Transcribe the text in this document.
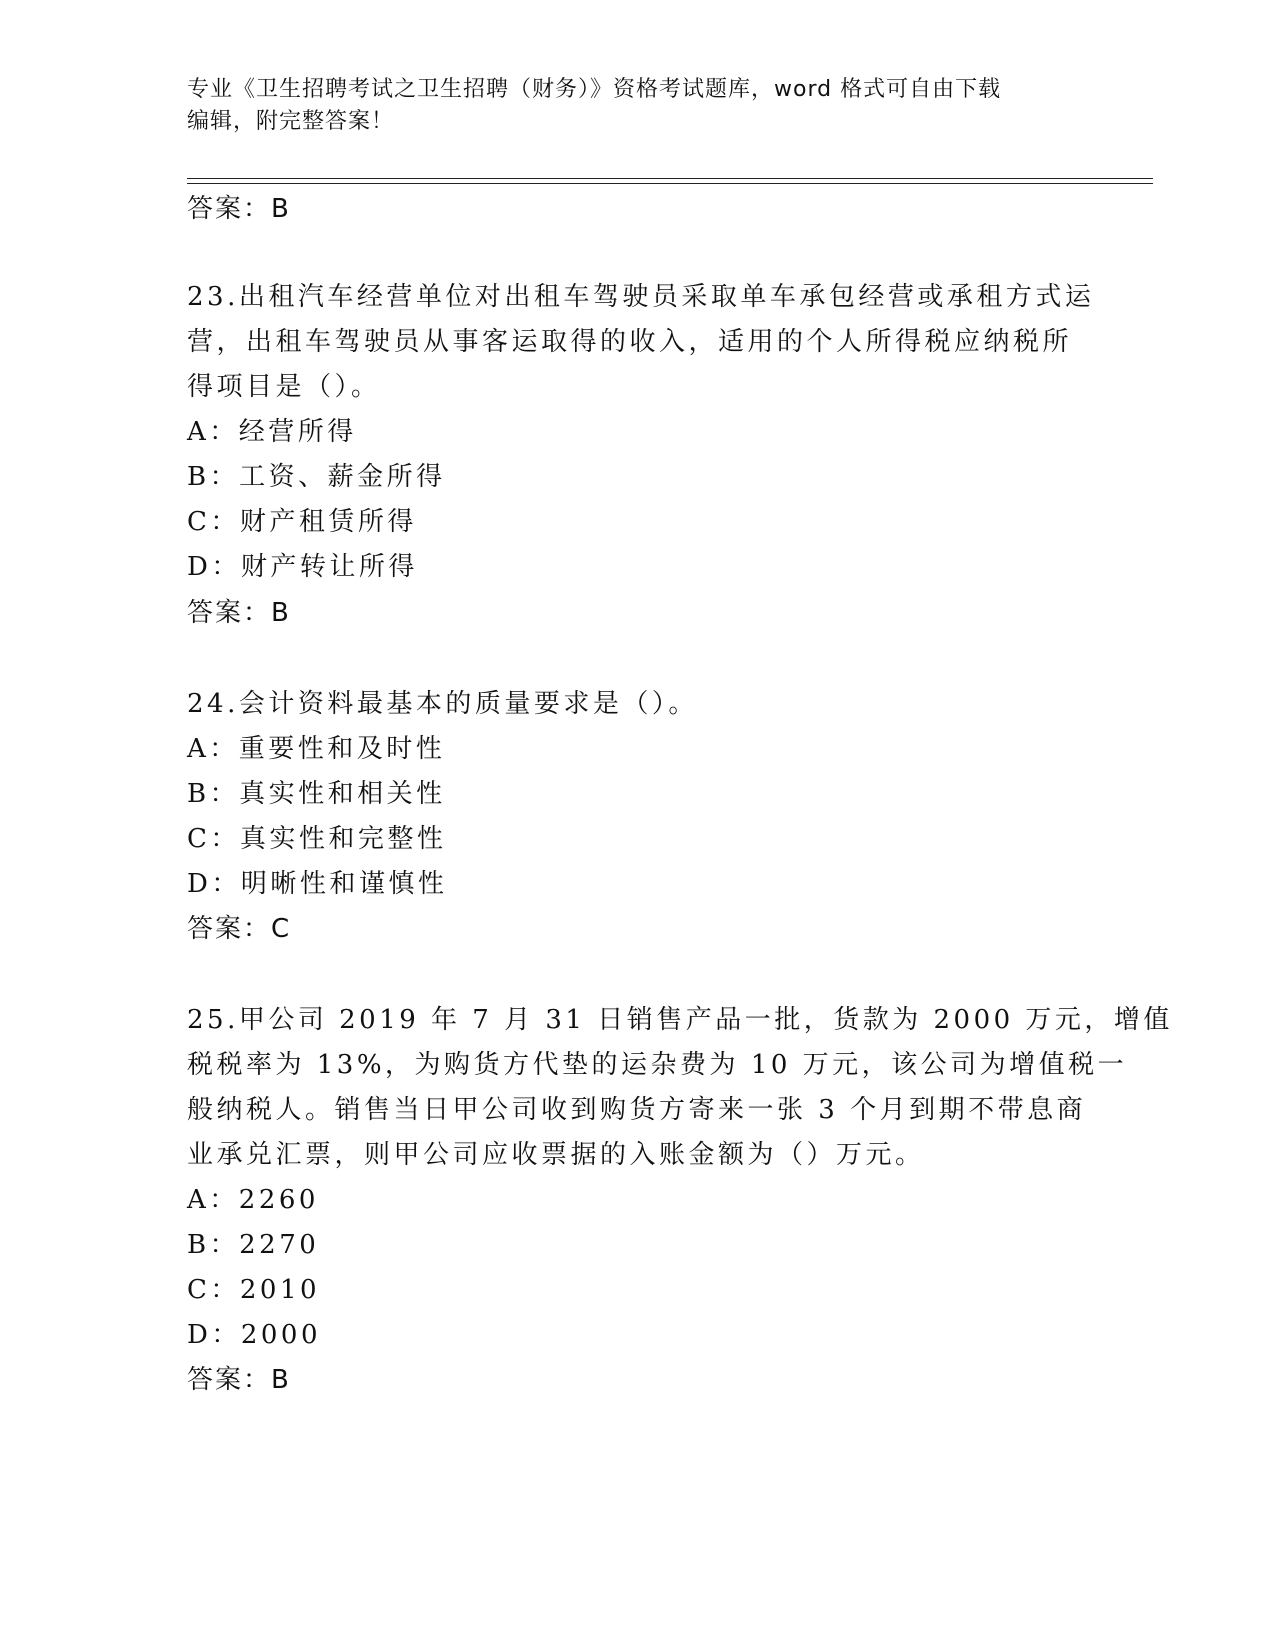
专业《卫生招聘考试之卫生招聘（财务）》资格考试题库，word 格式可自由下载
编辑，附完整答案！
答案：B
23.出租汽车经营单位对出租车驾驶员采取单车承包经营或承租方式运
营，出租车驾驶员从事客运取得的收入，适用的个人所得税应纳税所
得项目是（）。
A：经营所得
B：工资、薪金所得
C：财产租赁所得
D：财产转让所得
答案：B
24.会计资料最基本的质量要求是（）。
A：重要性和及时性
B：真实性和相关性
C：真实性和完整性
D：明晰性和谨慎性
答案：C
25.甲公司 2019 年 7 月 31 日销售产品一批，货款为 2000 万元，增值
税税率为 13%，为购货方代垫的运杂费为 10 万元，该公司为增值税一
般纳税人。销售当日甲公司收到购货方寄来一张 3 个月到期不带息商
业承兑汇票，则甲公司应收票据的入账金额为（）万元。
A：2260
B：2270
C：2010
D：2000
答案：B
